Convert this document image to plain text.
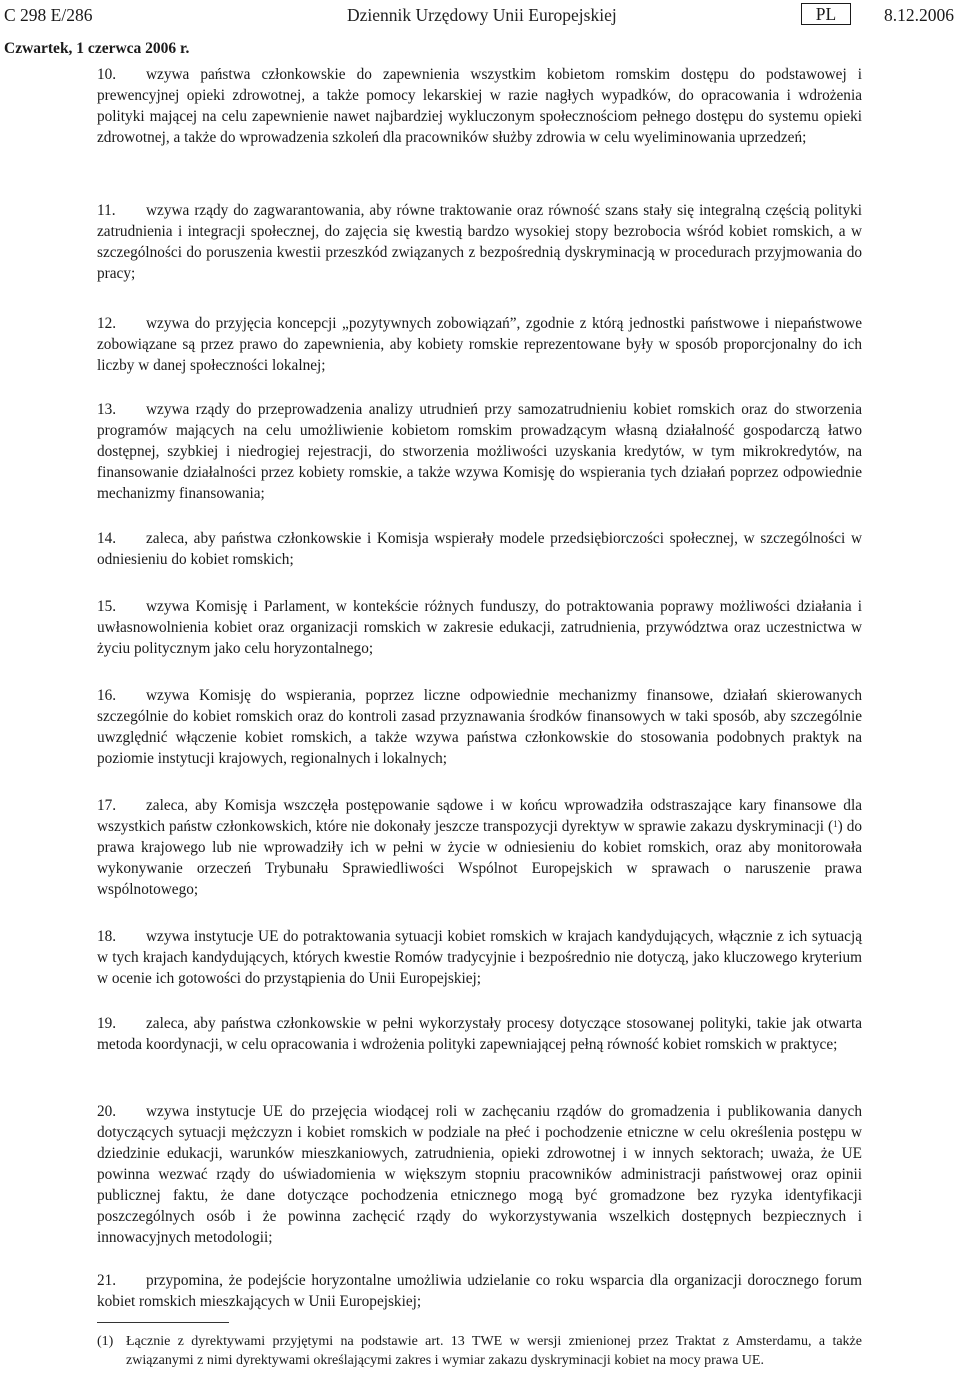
C 298 E/286	Dziennik Urzędowy Unii Europejskiej	PL	8.12.2006
Czwartek, 1 czerwca 2006 r.

10. wzywa państwa członkowskie do zapewnienia wszystkim kobietom romskim dostępu do podstawowej i prewencyjnej opieki zdrowotnej, a także pomocy lekarskiej w razie nagłych wypadków, do opracowania i wdrożenia polityki mającej na celu zapewnienie nawet najbardziej wykluczonym społecznościom pełnego dostępu do systemu opieki zdrowotnej, a także do wprowadzenia szkoleń dla pracowników służby zdrowia w celu wyeliminowania uprzedzeń;

11. wzywa rządy do zagwarantowania, aby równe traktowanie oraz równość szans stały się integralną częścią polityki zatrudnienia i integracji społecznej, do zajęcia się kwestią bardzo wysokiej stopy bezrobocia wśród kobiet romskich, a w szczególności do poruszenia kwestii przeszkód związanych z bezpośrednią dyskryminacją w procedurach przyjmowania do pracy;

12. wzywa do przyjęcia koncepcji „pozytywnych zobowiązań”, zgodnie z którą jednostki państwowe i niepaństwowe zobowiązane są przez prawo do zapewnienia, aby kobiety romskie reprezentowane były w sposób proporcjonalny do ich liczby w danej społeczności lokalnej;

13. wzywa rządy do przeprowadzenia analizy utrudnień przy samozatrudnieniu kobiet romskich oraz do stworzenia programów mających na celu umożliwienie kobietom romskim prowadzącym własną działalność gospodarczą łatwo dostępnej, szybkiej i niedrogiej rejestracji, do stworzenia możliwości uzyskania kredytów, w tym mikrokredytów, na finansowanie działalności przez kobiety romskie, a także wzywa Komisję do wspierania tych działań poprzez odpowiednie mechanizmy finansowania;

14. zaleca, aby państwa członkowskie i Komisja wspierały modele przedsiębiorczości społecznej, w szczególności w odniesieniu do kobiet romskich;

15. wzywa Komisję i Parlament, w kontekście różnych funduszy, do potraktowania poprawy możliwości działania i uwłasnowolnienia kobiet oraz organizacji romskich w zakresie edukacji, zatrudnienia, przywództwa oraz uczestnictwa w życiu politycznym jako celu horyzontalnego;

16. wzywa Komisję do wspierania, poprzez liczne odpowiednie mechanizmy finansowe, działań skierowanych szczególnie do kobiet romskich oraz do kontroli zasad przyznawania środków finansowych w taki sposób, aby szczególnie uwzględnić włączenie kobiet romskich, a także wzywa państwa członkowskie do stosowania podobnych praktyk na poziomie instytucji krajowych, regionalnych i lokalnych;

17. zaleca, aby Komisja wszczęła postępowanie sądowe i w końcu wprowadziła odstraszające kary finansowe dla wszystkich państw członkowskich, które nie dokonały jeszcze transpozycji dyrektyw w sprawie zakazu dyskryminacji ($^1$) do prawa krajowego lub nie wprowadziły ich w pełni w życie w odniesieniu do kobiet romskich, oraz aby monitorowała wykonywanie orzeczeń Trybunału Sprawiedliwości Wspólnot Europejskich w sprawach o naruszenie prawa wspólnotowego;

18. wzywa instytucje UE do potraktowania sytuacji kobiet romskich w krajach kandydujących, włącznie z ich sytuacją w tych krajach kandydujących, których kwestie Romów tradycyjnie i bezpośrednio nie dotyczą, jako kluczowego kryterium w ocenie ich gotowości do przystąpienia do Unii Europejskiej;

19. zaleca, aby państwa członkowskie w pełni wykorzystały procesy dotyczące stosowanej polityki, takie jak otwarta metoda koordynacji, w celu opracowania i wdrożenia polityki zapewniającej pełną równość kobiet romskich w praktyce;

20. wzywa instytucje UE do przejęcia wiodącej roli w zachęcaniu rządów do gromadzenia i publikowania danych dotyczących sytuacji mężczyzn i kobiet romskich w podziale na płeć i pochodzenie etniczne w celu określenia postępu w dziedzinie edukacji, warunków mieszkaniowych, zatrudnienia, opieki zdrowotnej i w innych sektorach; uważa, że UE powinna wezwać rządy do uświadomienia w większym stopniu pracowników administracji państwowej oraz opinii publicznej faktu, że dane dotyczące pochodzenia etnicznego mogą być gromadzone bez ryzyka identyfikacji poszczególnych osób i że powinna zachęcić rządy do wykorzystywania wszelkich dostępnych bezpiecznych i innowacyjnych metodologii;

21. przypomina, że podejście horyzontalne umożliwia udzielanie co roku wsparcia dla organizacji dorocznego forum kobiet romskich mieszkających w Unii Europejskiej;

(1) Łącznie z dyrektywami przyjętymi na podstawie art. 13 TWE w wersji zmienionej przez Traktat z Amsterdamu, a także związanymi z nimi dyrektywami określającymi zakres i wymiar zakazu dyskryminacji kobiet na mocy prawa UE.
